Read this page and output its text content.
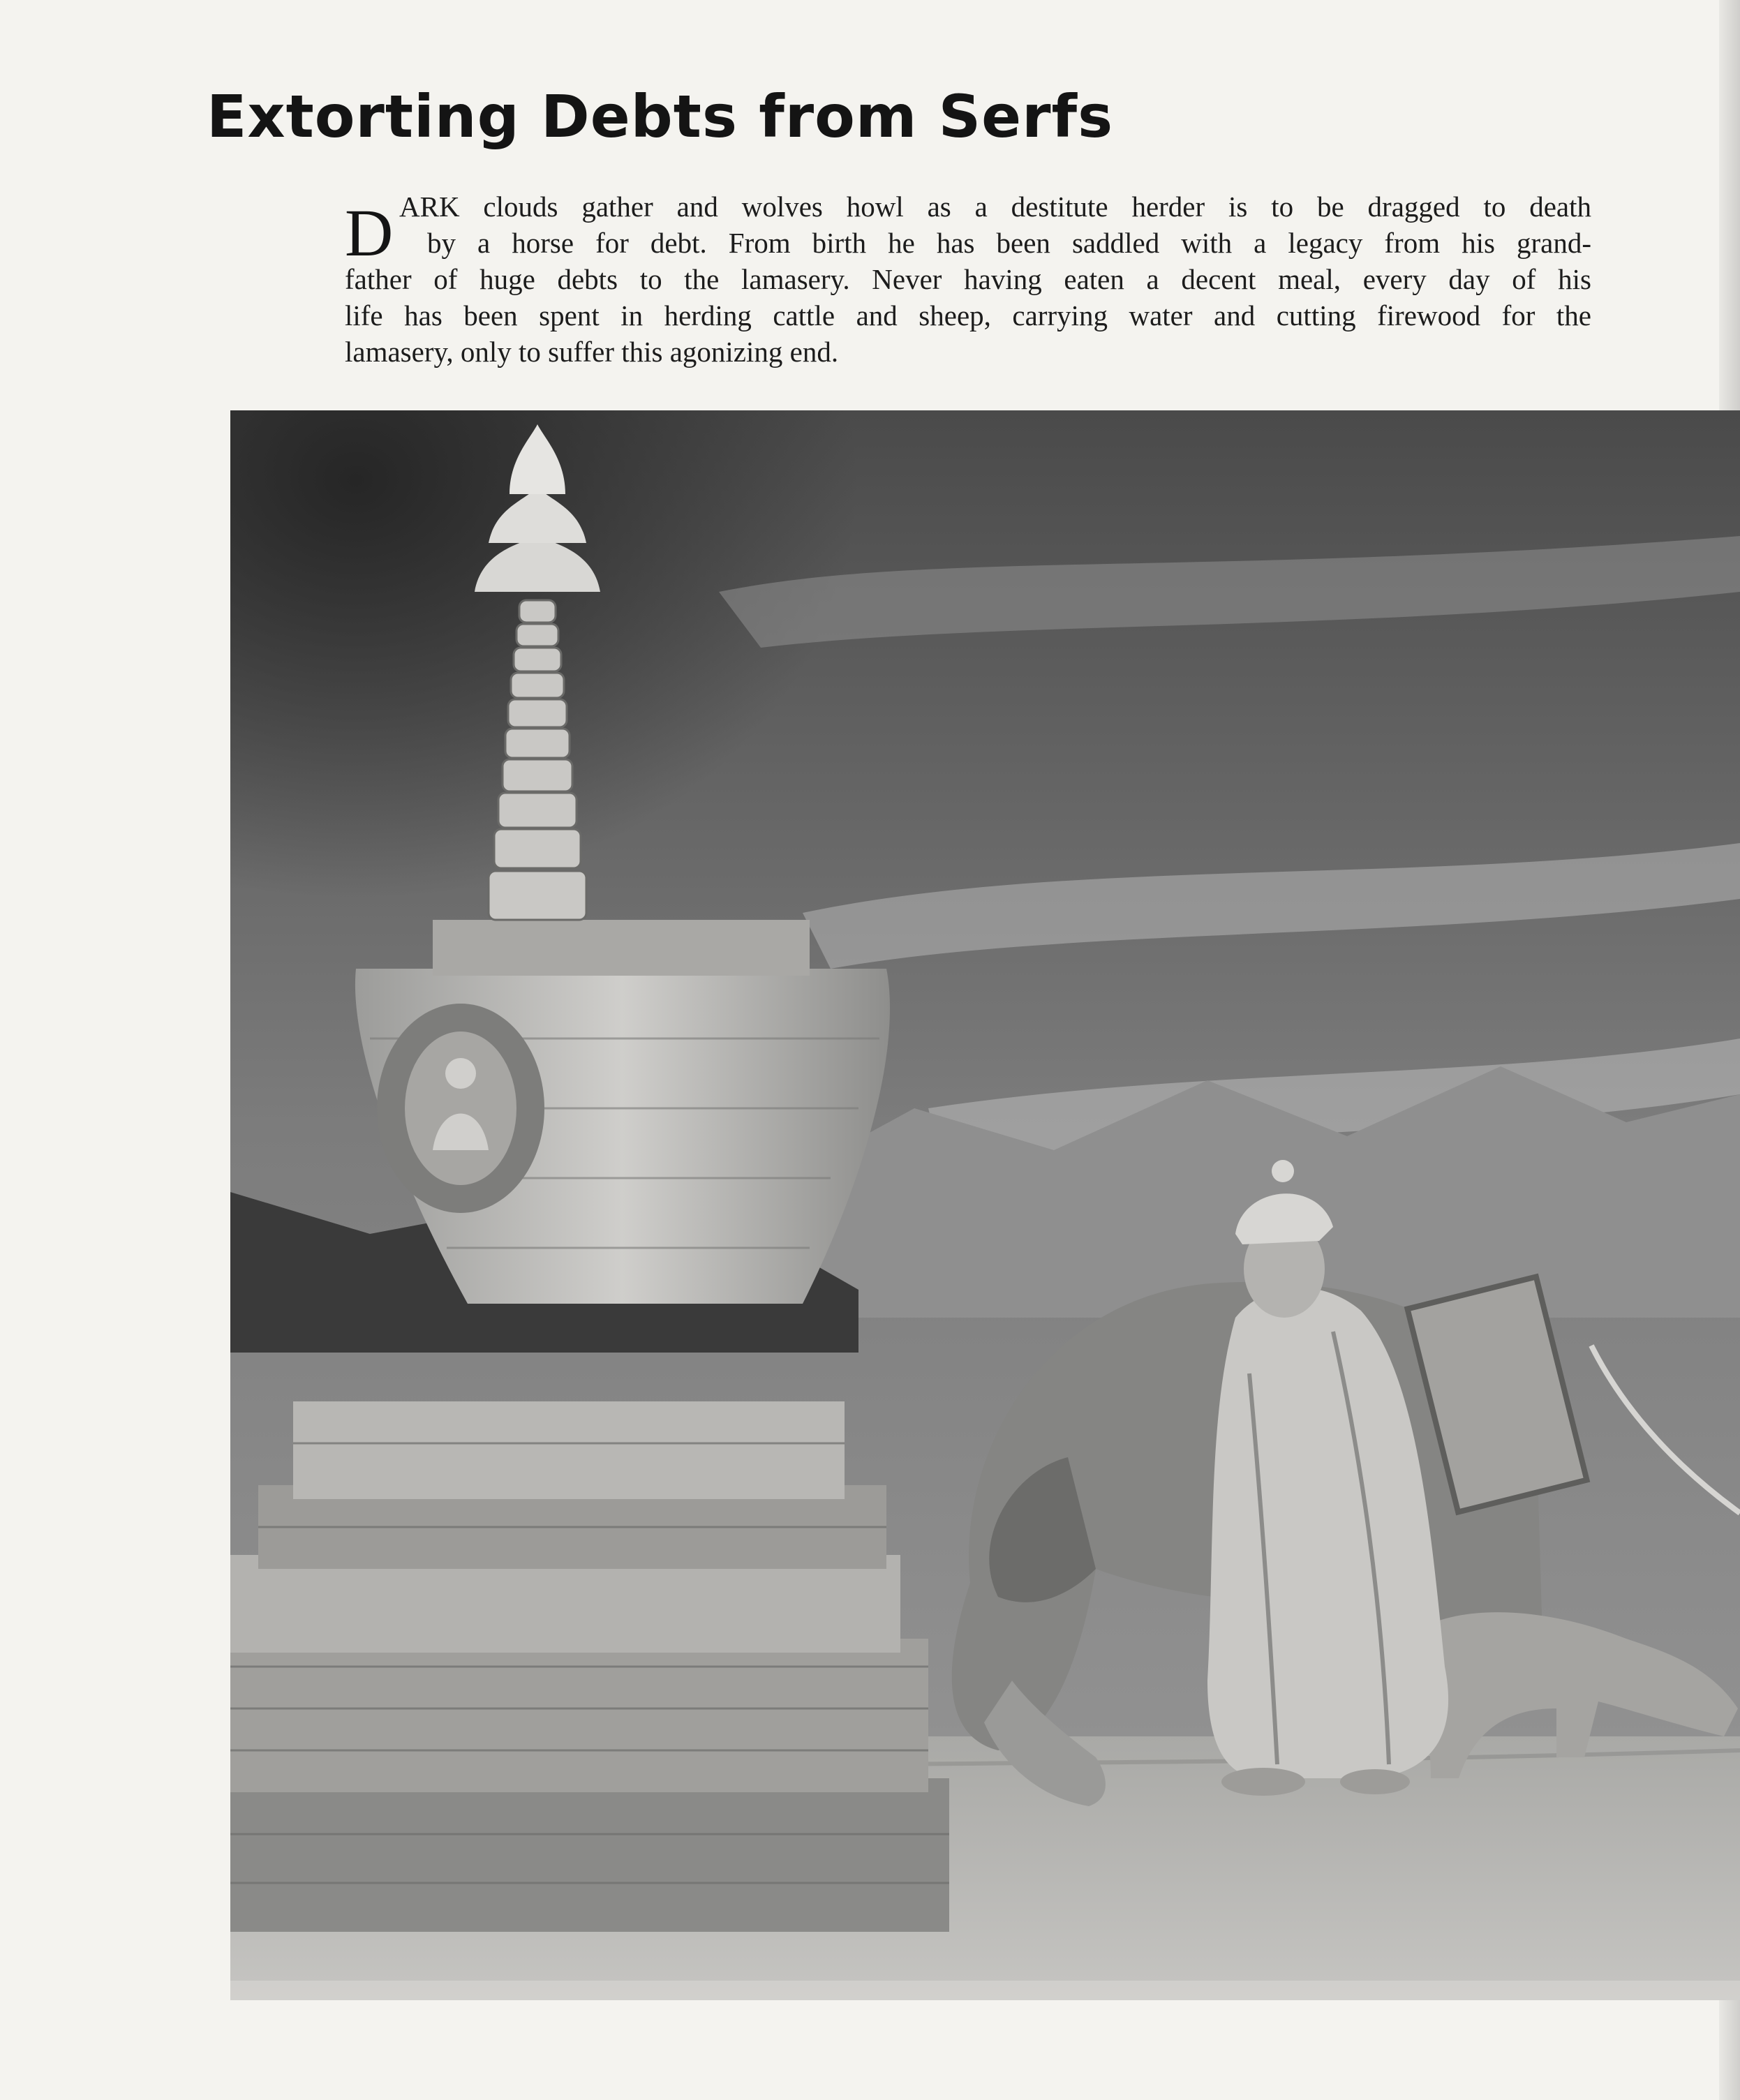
Extorting Debts from Serfs
D ARK clouds gather and wolves howl as a destitute herder is to be dragged to death
by a horse for debt. From birth he has been saddled with a legacy from his grand-
father of huge debts to the lamasery. Never having eaten a decent meal, every day of his
life has been spent in herding cattle and sheep, carrying water and cutting firewood for the
lamasery, only to suffer this agonizing end.
